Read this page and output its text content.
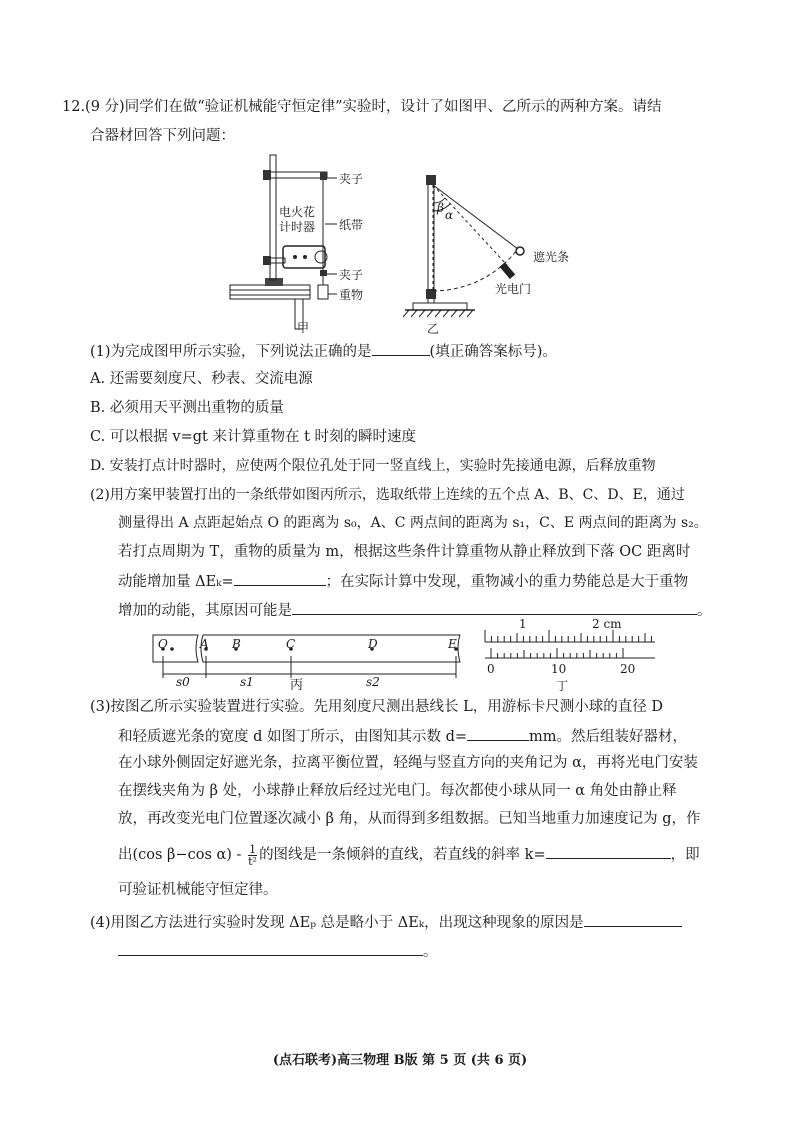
12.(9 分)同学们在做“验证机械能守恒定律”实验时，设计了如图甲、乙所示的两种方案。请结
合器材回答下列问题：
夹子
纸带
夹子
重物
电火花
计时器
甲
β α
遮光条
光电门
乙
(1)为完成图甲所示实验，下列说法正确的是	(填正确答案标号)。
A. 还需要刻度尺、秒表、交流电源
B. 必须用天平测出重物的质量
C. 可以根据 v=gt 来计算重物在 t 时刻的瞬时速度
D. 安装打点计时器时，应使两个限位孔处于同一竖直线上，实验时先接通电源，后释放重物
(2)用方案甲装置打出的一条纸带如图丙所示，选取纸带上连续的五个点 A、B、C、D、E，通过
测量得出 A 点距起始点 O 的距离为 s₀，A、C 两点间的距离为 s₁，C、E 两点间的距离为 s₂。
若打点周期为 T，重物的质量为 m，根据这些条件计算重物从静止释放到下落 OC 距离时
动能增加量 ΔEₖ=	；在实际计算中发现，重物减小的重力势能总是大于重物
增加的动能，其原因可能是	。
O	A B	C	D	E
s0	s1	s2
丙
1	2 cm
0	10	20
丁
(3)按图乙所示实验装置进行实验。先用刻度尺测出悬线长 L，用游标卡尺测小球的直径 D
和轻质遮光条的宽度 d 如图丁所示，由图知其示数 d=	mm。然后组装好器材，
在小球外侧固定好遮光条，拉离平衡位置，轻绳与竖直方向的夹角记为 α，再将光电门安装
在摆线夹角为 β 处，小球静止释放后经过光电门。每次都使小球从同一 α 角处由静止释
放，再改变光电门位置逐次减小 β 角，从而得到多组数据。已知当地重力加速度记为 g，作
出(cos β−cos $\alpha) - \frac{1}{\text{t²}}$ 的图线是一条倾斜的直线，若直线的斜率 k=	，即
可验证机械能守恒定律。
(4)用图乙方法进行实验时发现 ΔEₚ 总是略小于 ΔEₖ，出现这种现象的原因是
。
(点石联考)高三物理 B版 第 5 页 (共 6 页)
